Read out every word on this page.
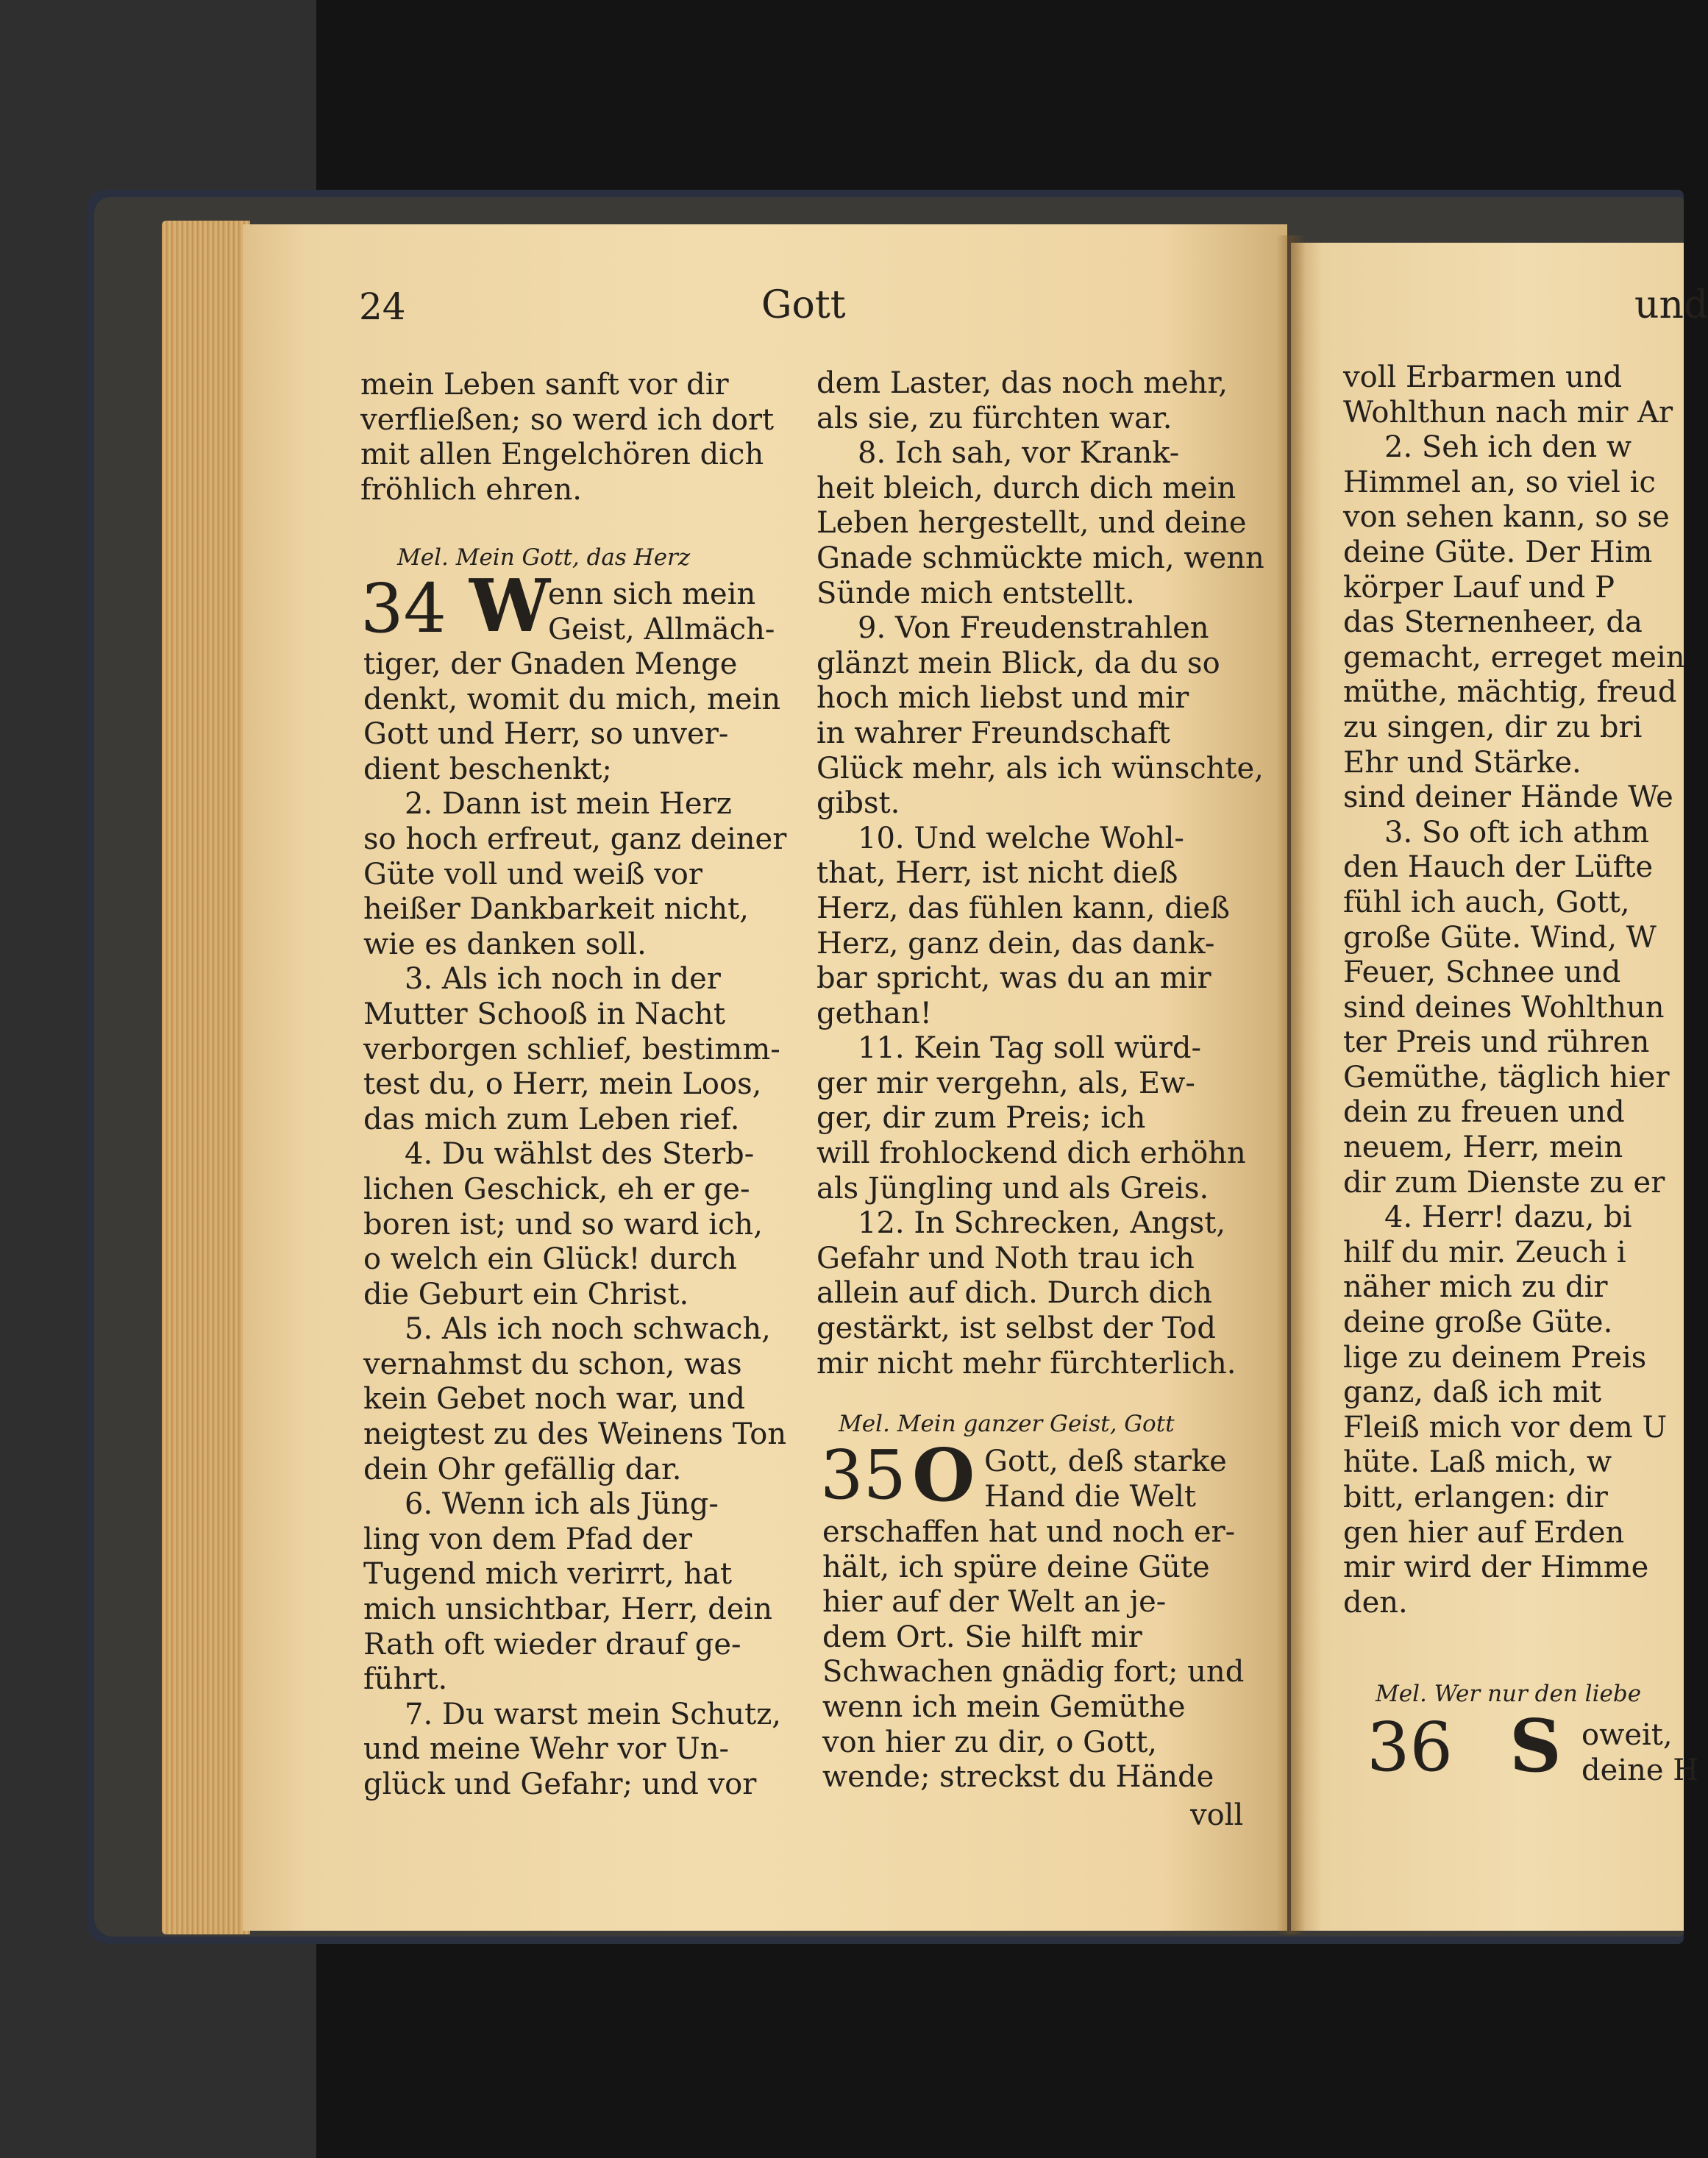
24	Gott
mein Leben sanft vor dir
verfließen; so werd ich dort
mit allen Engelchören dich
fröhlich ehren.
Mel. Mein Gott, das Herz
34 W
enn sich mein
Geist, Allmäch-
tiger, der Gnaden Menge
denkt, womit du mich, mein
Gott und Herr, so unver-
dient beschenkt;
2. Dann ist mein Herz
so hoch erfreut, ganz deiner
Güte voll und weiß vor
heißer Dankbarkeit nicht,
wie es danken soll.
3. Als ich noch in der
Mutter Schooß in Nacht
verborgen schlief, bestimm-
test du, o Herr, mein Loos,
das mich zum Leben rief.
4. Du wählst des Sterb-
lichen Geschick, eh er ge-
boren ist; und so ward ich,
o welch ein Glück! durch
die Geburt ein Christ.
5. Als ich noch schwach,
vernahmst du schon, was
kein Gebet noch war, und
neigtest zu des Weinens Ton
dein Ohr gefällig dar.
6. Wenn ich als Jüng-
ling von dem Pfad der
Tugend mich verirrt, hat
mich unsichtbar, Herr, dein
Rath oft wieder drauf ge-
führt.
7. Du warst mein Schutz,
und meine Wehr vor Un-
glück und Gefahr; und vor
dem Laster, das noch mehr,
als sie, zu fürchten war.
8. Ich sah, vor Krank-
heit bleich, durch dich mein
Leben hergestellt, und deine
Gnade schmückte mich, wenn
Sünde mich entstellt.
9. Von Freudenstrahlen
glänzt mein Blick, da du so
hoch mich liebst und mir
in wahrer Freundschaft
Glück mehr, als ich wünschte,
gibst.
10. Und welche Wohl-
that, Herr, ist nicht dieß
Herz, das fühlen kann, dieß
Herz, ganz dein, das dank-
bar spricht, was du an mir
gethan!
11. Kein Tag soll würd-
ger mir vergehn, als, Ew-
ger, dir zum Preis; ich
will frohlockend dich erhöhn
als Jüngling und als Greis.
12. In Schrecken, Angst,
Gefahr und Noth trau ich
allein auf dich. Durch dich
gestärkt, ist selbst der Tod
mir nicht mehr fürchterlich.
Mel. Mein ganzer Geist, Gott
35 O Gott, deß starke
Hand die Welt
erschaffen hat und noch er-
hält, ich spüre deine Güte
hier auf der Welt an je-
dem Ort. Sie hilft mir
Schwachen gnädig fort; und
wenn ich mein Gemüthe
von hier zu dir, o Gott,
wende; streckst du Hände
voll
und
voll Erbarmen und
Wohlthun nach mir Ar
2. Seh ich den w
Himmel an, so viel ic
von sehen kann, so se
deine Güte. Der Him
körper Lauf und P
das Sternenheer, da
gemacht, erreget mein
müthe, mächtig, freud
zu singen, dir zu bri
Ehr und Stärke.
sind deiner Hände We
3. So oft ich athm
den Hauch der Lüfte
fühl ich auch, Gott,
große Güte. Wind, W
Feuer, Schnee und
sind deines Wohlthun
ter Preis und rühren
Gemüthe, täglich hier
dein zu freuen und
neuem, Herr, mein
dir zum Dienste zu er
4. Herr! dazu, bi
hilf du mir. Zeuch i
näher mich zu dir
deine große Güte.
lige zu deinem Preis
ganz, daß ich mit
Fleiß mich vor dem U
hüte. Laß mich, w
bitt, erlangen: dir
gen hier auf Erden
mir wird der Himme
den.
Mel. Wer nur den liebe
36 S oweit,
deine H
